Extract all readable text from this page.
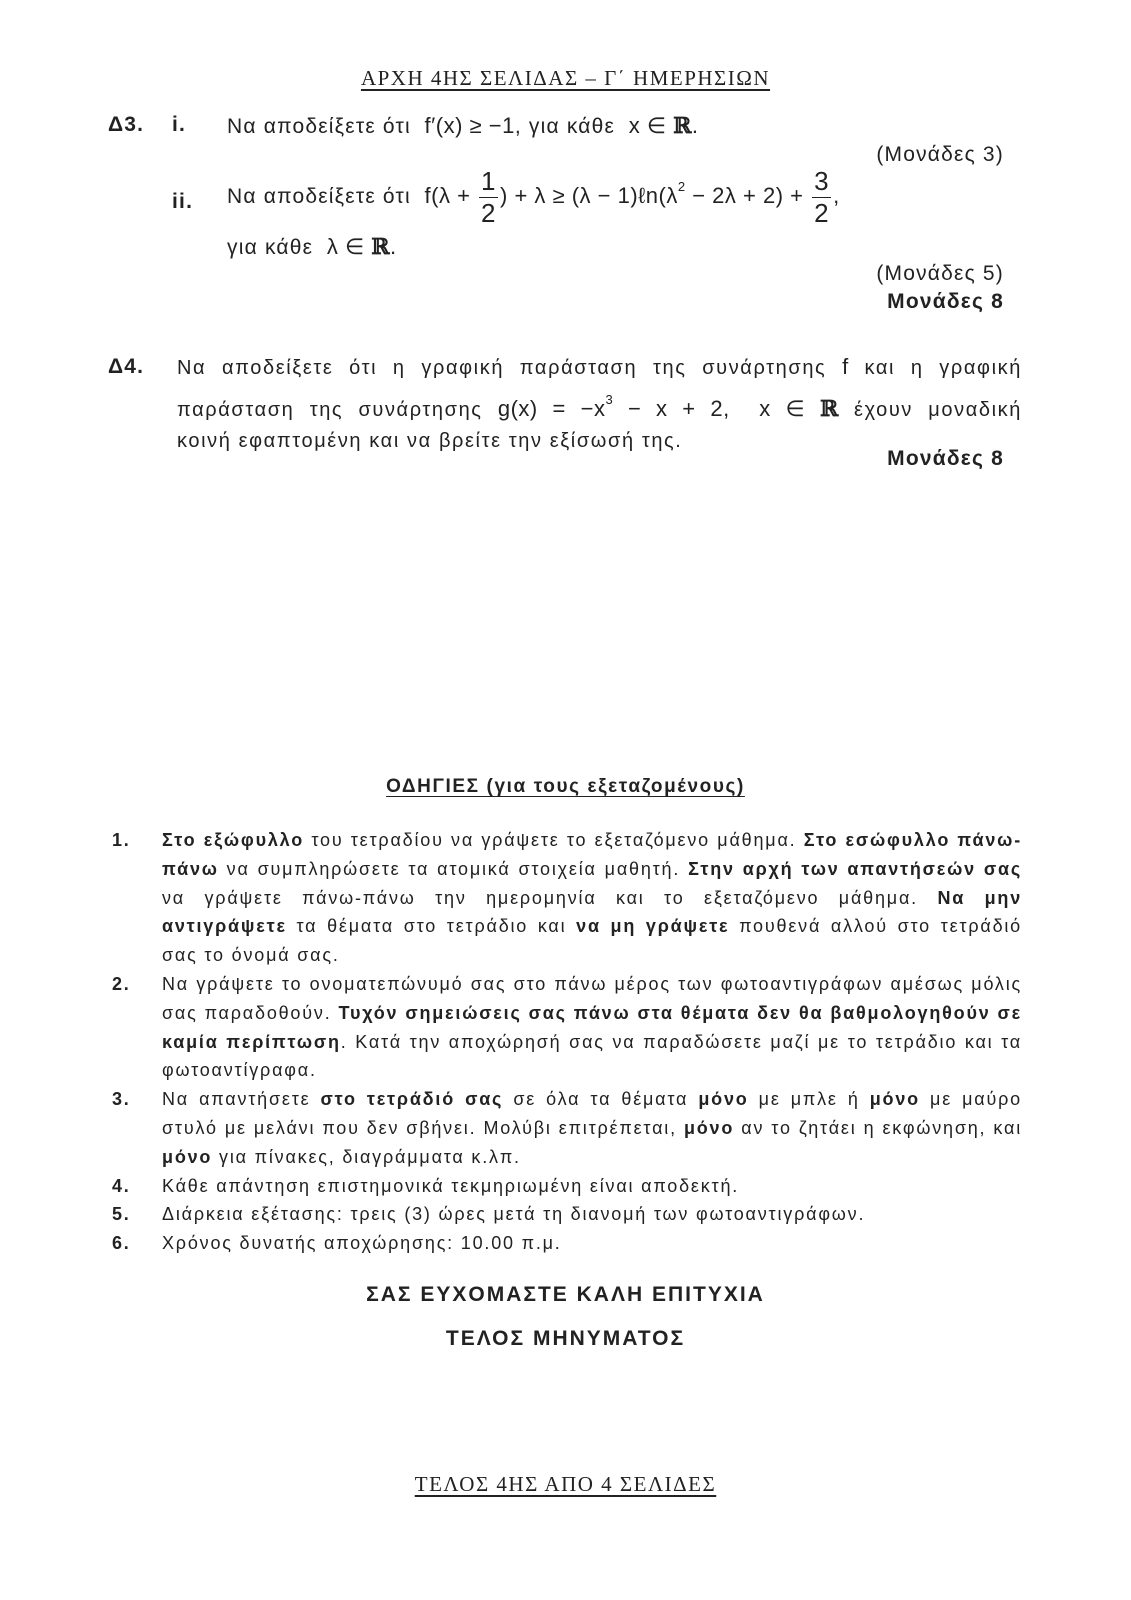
ΑΡΧΗ 4ΗΣ ΣΕΛΙΔΑΣ – Γ΄ ΗΜΕΡΗΣΙΩΝ
Δ3. i. Να αποδείξετε ότι  f′(x) ≥ −1, για κάθε  x ∈ ℝ.
(Μονάδες 3)
ii. Να αποδείξετε ότι  $f(\lambda + \frac{1}{2}$ ) + $\lambda \ge (\lambda - 1)\ell n(\lambda^2 - 2\lambda + 2) + \frac{3}{2}$ ,
για κάθε  λ ∈ ℝ.
(Μονάδες 5)
Μονάδες 8
Δ4. Να αποδείξετε ότι η γραφική παράσταση της συνάρτησης f και η γραφική
παράσταση της συνάρτησης $g(x) = -x^3 - x + 2$,  x ∈ ℝ έχουν μοναδική
κοινή εφαπτομένη και να βρείτε την εξίσωσή της.
Μονάδες 8
ΟΔΗΓΙΕΣ (για τους εξεταζομένους)
1. Στο εξώφυλλο του τετραδίου να γράψετε το εξεταζόμενο μάθημα. Στο εσώφυλλο πάνω-πάνω να συμπληρώσετε τα ατομικά στοιχεία μαθητή. Στην αρχή των απαντήσεών σας να γράψετε πάνω-πάνω την ημερομηνία και το εξεταζόμενο μάθημα. Να μην αντιγράψετε τα θέματα στο τετράδιο και να μη γράψετε πουθενά αλλού στο τετράδιό σας το όνομά σας.
2. Να γράψετε το ονοματεπώνυμό σας στο πάνω μέρος των φωτοαντιγράφων αμέσως μόλις σας παραδοθούν. Τυχόν σημειώσεις σας πάνω στα θέματα δεν θα βαθμολογηθούν σε καμία περίπτωση. Κατά την αποχώρησή σας να παραδώσετε μαζί με το τετράδιο και τα φωτοαντίγραφα.
3. Να απαντήσετε στο τετράδιό σας σε όλα τα θέματα μόνο με μπλε ή μόνο με μαύρο στυλό με μελάνι που δεν σβήνει. Μολύβι επιτρέπεται, μόνο αν το ζητάει η εκφώνηση, και μόνο για πίνακες, διαγράμματα κ.λπ.
4. Κάθε απάντηση επιστημονικά τεκμηριωμένη είναι αποδεκτή.
5. Διάρκεια εξέτασης: τρεις (3) ώρες μετά τη διανομή των φωτοαντιγράφων.
6. Χρόνος δυνατής αποχώρησης: 10.00 π.μ.
ΣΑΣ ΕΥΧΟΜΑΣΤΕ ΚΑΛΗ ΕΠΙΤΥΧΙΑ
ΤΕΛΟΣ ΜΗΝΥΜΑΤΟΣ
ΤΕΛΟΣ 4ΗΣ ΑΠΟ 4 ΣΕΛΙΔΕΣ
